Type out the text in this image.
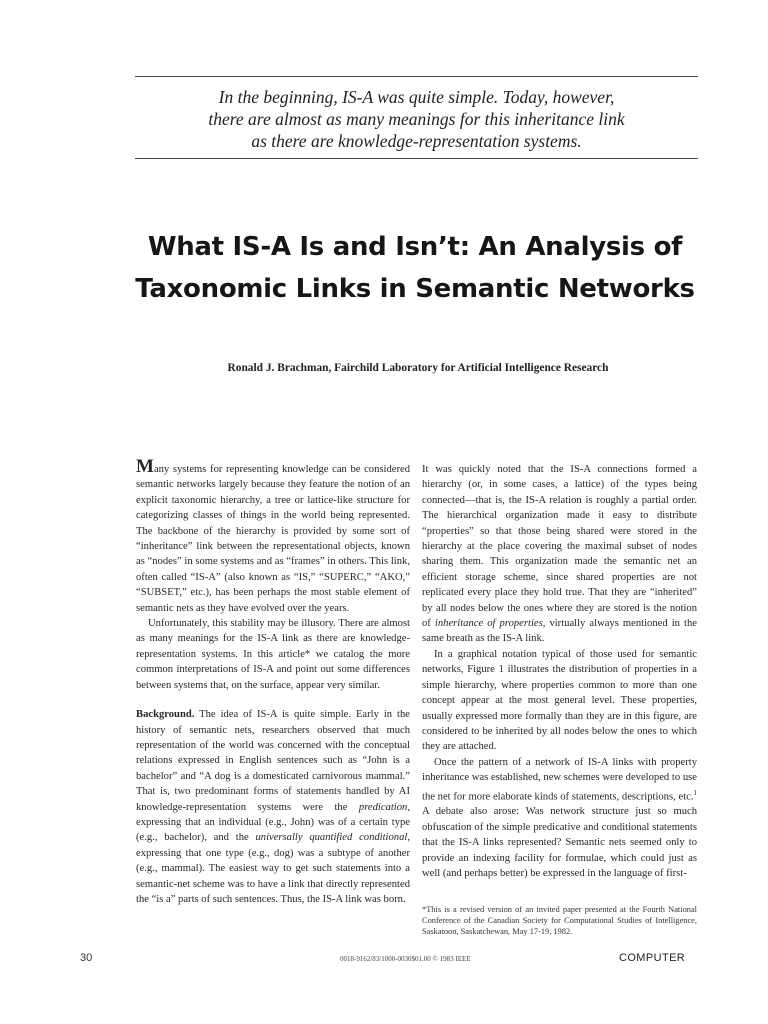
In the beginning, IS-A was quite simple. Today, however,
there are almost as many meanings for this inheritance link
as there are knowledge-representation systems.
What IS-A Is and Isn’t: An Analysis of
Taxonomic Links in Semantic Networks
Ronald J. Brachman, Fairchild Laboratory for Artificial Intelligence Research

Many systems for representing knowledge can be considered semantic networks largely because they feature the notion of an explicit taxonomic hierarchy, a tree or lattice-like structure for categorizing classes of things in the world being represented. The backbone of the hierarchy is provided by some sort of “inheritance” link between the representational objects, known as “nodes” in some systems and as “frames” in others. This link, often called “IS-A” (also known as “IS,” “SUPERC,” “AKO,” “SUBSET,” etc.), has been perhaps the most stable element of semantic nets as they have evolved over the years.

Unfortunately, this stability may be illusory. There are almost as many meanings for the IS-A link as there are knowledge-representation systems. In this article* we catalog the more common interpretations of IS-A and point out some differences between systems that, on the surface, appear very similar.

Background. The idea of IS-A is quite simple. Early in the history of semantic nets, researchers observed that much representation of the world was concerned with the conceptual relations expressed in English sentences such as “John is a bachelor” and “A dog is a domesticated carnivorous mammal.” That is, two predominant forms of statements handled by AI knowledge-representation systems were the predication, expressing that an individual (e.g., John) was of a certain type (e.g., bachelor), and the universally quantified conditional, expressing that one type (e.g., dog) was a subtype of another (e.g., mammal). The easiest way to get such statements into a semantic-net scheme was to have a link that directly represented the “is a” parts of such sentences. Thus, the IS-A link was born.

It was quickly noted that the IS-A connections formed a hierarchy (or, in some cases, a lattice) of the types being connected—that is, the IS-A relation is roughly a partial order. The hierarchical organization made it easy to distribute “properties” so that those being shared were stored in the hierarchy at the place covering the maximal subset of nodes sharing them. This organization made the semantic net an efficient storage scheme, since shared properties are not replicated every place they hold true. That they are “inherited” by all nodes below the ones where they are stored is the notion of inheritance of properties, virtually always mentioned in the same breath as the IS-A link.

In a graphical notation typical of those used for semantic networks, Figure 1 illustrates the distribution of properties in a simple hierarchy, where properties common to more than one concept appear at the most general level. These properties, usually expressed more formally than they are in this figure, are considered to be inherited by all nodes below the ones to which they are attached.

Once the pattern of a network of IS-A links with property inheritance was established, new schemes were developed to use the net for more elaborate kinds of statements, descriptions, etc.$^1$ A debate also arose: Was network structure just so much obfuscation of the simple predicative and conditional statements that the IS-A links represented? Semantic nets seemed only to provide an indexing facility for formulae, which could just as well (and perhaps better) be expressed in the language of first-

*This is a revised version of an invited paper presented at the Fourth National Conference of the Canadian Society for Computational Studies of Intelligence, Saskatoon, Saskatchewan, May 17-19, 1982.
30	0018-9162/83/1000-0030$01.00 © 1983 IEEE	COMPUTER
